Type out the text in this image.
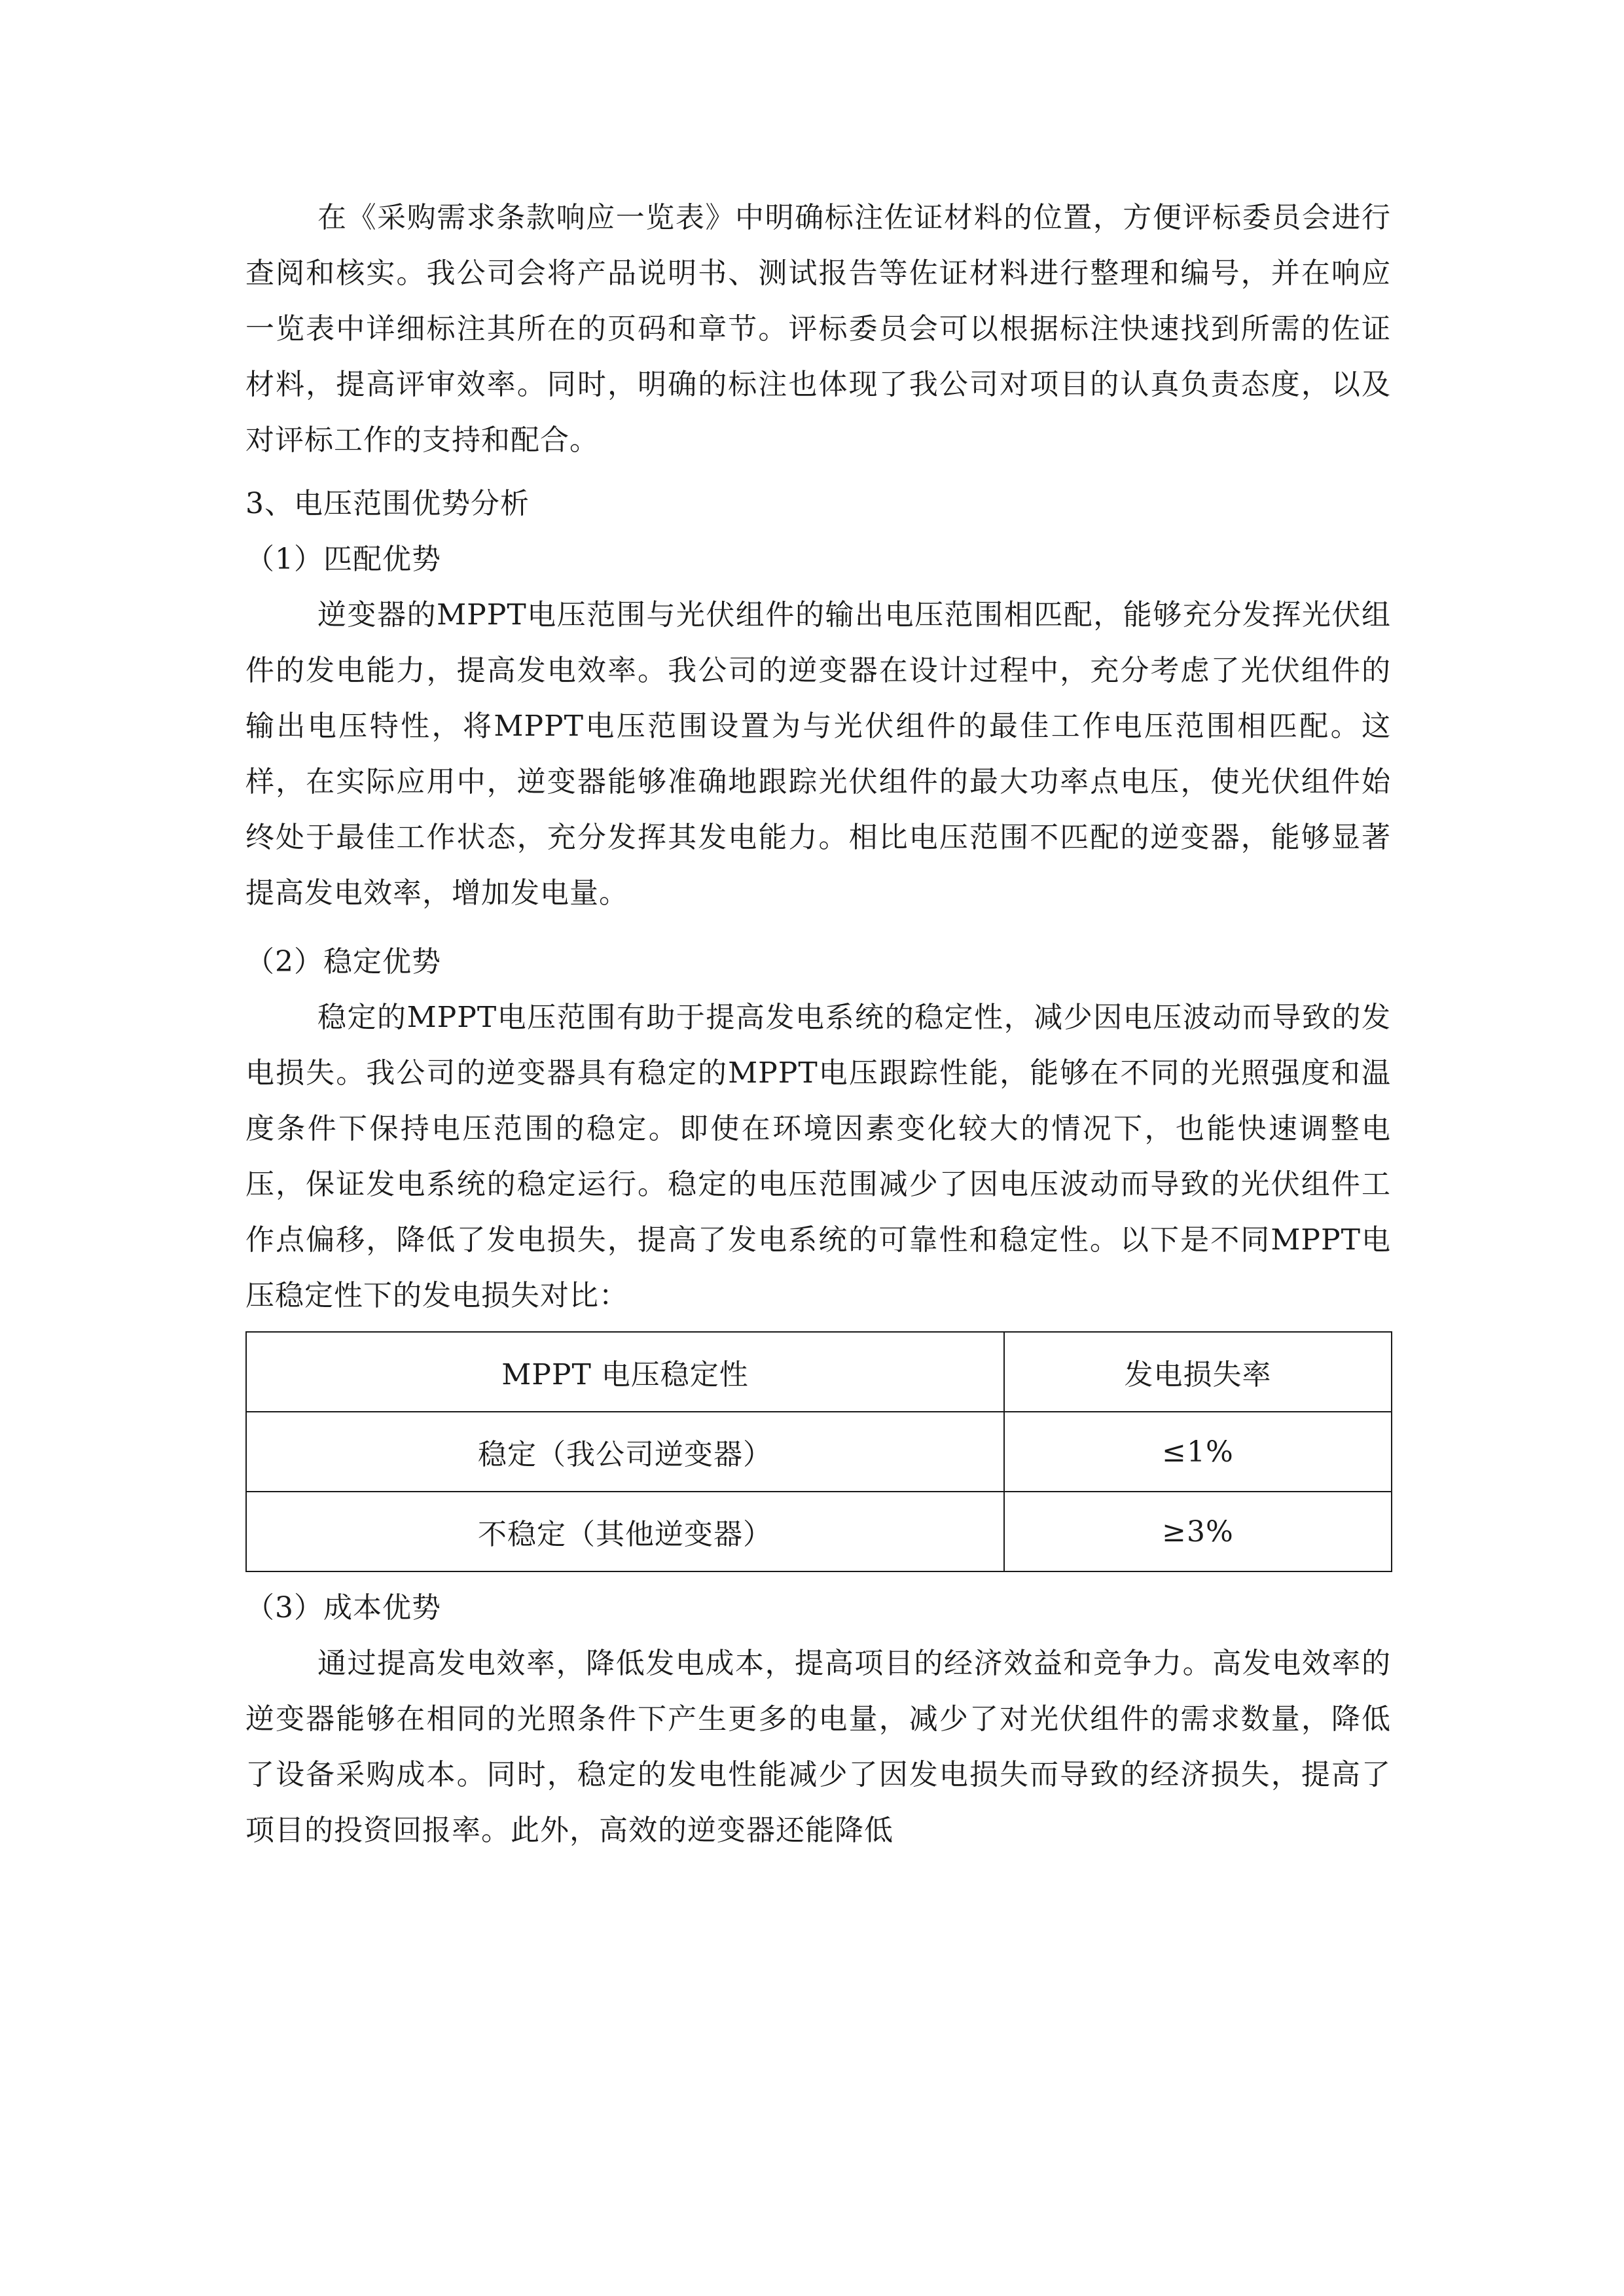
在《采购需求条款响应一览表》中明确标注佐证材料的位置，方便评标委员会进行查阅和核实。我公司会将产品说明书、测试报告等佐证材料进行整理和编号，并在响应一览表中详细标注其所在的页码和章节。评标委员会可以根据标注快速找到所需的佐证材料，提高评审效率。同时，明确的标注也体现了我公司对项目的认真负责态度，以及对评标工作的支持和配合。

3、电压范围优势分析

（1）匹配优势

逆变器的MPPT电压范围与光伏组件的输出电压范围相匹配，能够充分发挥光伏组件的发电能力，提高发电效率。我公司的逆变器在设计过程中，充分考虑了光伏组件的输出电压特性，将MPPT电压范围设置为与光伏组件的最佳工作电压范围相匹配。这样，在实际应用中，逆变器能够准确地跟踪光伏组件的最大功率点电压，使光伏组件始终处于最佳工作状态，充分发挥其发电能力。相比电压范围不匹配的逆变器，能够显著提高发电效率，增加发电量。

（2）稳定优势

稳定的MPPT电压范围有助于提高发电系统的稳定性，减少因电压波动而导致的发电损失。我公司的逆变器具有稳定的MPPT电压跟踪性能，能够在不同的光照强度和温度条件下保持电压范围的稳定。即使在环境因素变化较大的情况下，也能快速调整电压，保证发电系统的稳定运行。稳定的电压范围减少了因电压波动而导致的光伏组件工作点偏移，降低了发电损失，提高了发电系统的可靠性和稳定性。以下是不同MPPT电压稳定性下的发电损失对比：

MPPT 电压稳定性	发电损失率
稳定（我公司逆变器）	≤1%
不稳定（其他逆变器）	≥3%

（3）成本优势

通过提高发电效率，降低发电成本，提高项目的经济效益和竞争力。高发电效率的逆变器能够在相同的光照条件下产生更多的电量，减少了对光伏组件的需求数量，降低了设备采购成本。同时，稳定的发电性能减少了因发电损失而导致的经济损失，提高了项目的投资回报率。此外，高效的逆变器还能降低
